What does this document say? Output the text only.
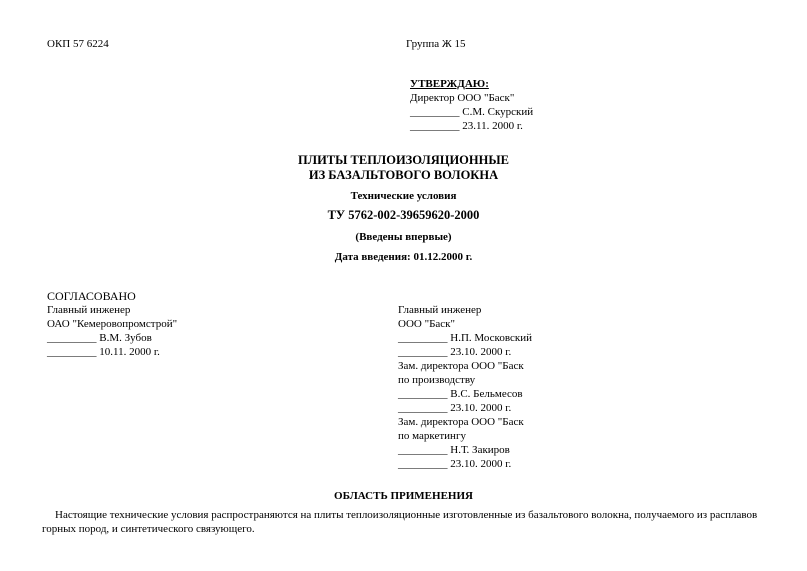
ОКП 57 6224	Группа Ж 15
УТВЕРЖДАЮ:
Директор ООО "Баск"
_________ С.М. Скурский
_________ 23.11. 2000 г.
ПЛИТЫ ТЕПЛОИЗОЛЯЦИОННЫЕ
ИЗ БАЗАЛЬТОВОГО ВОЛОКНА
Технические условия
ТУ 5762-002-39659620-2000
(Введены впервые)
Дата введения: 01.12.2000 г.
СОГЛАСОВАНО
Главный инженер
ОАО "Кемеровопромстрой"
_________ В.М. Зубов
_________ 10.11. 2000 г.
Главный инженер
ООО "Баск"
_________ Н.П. Московский
_________ 23.10. 2000 г.
Зам. директора ООО "Баск
по производству
_________ В.С. Бельмесов
_________ 23.10. 2000 г.
Зам. директора ООО "Баск
по маркетингу
_________ Н.Т. Закиров
_________ 23.10. 2000 г.
ОБЛАСТЬ ПРИМЕНЕНИЯ
Настоящие технические условия распространяются на плиты теплоизоляционные изготовленные из базальтового волокна, получаемого из расплавов
горных пород, и синтетического связующего.
